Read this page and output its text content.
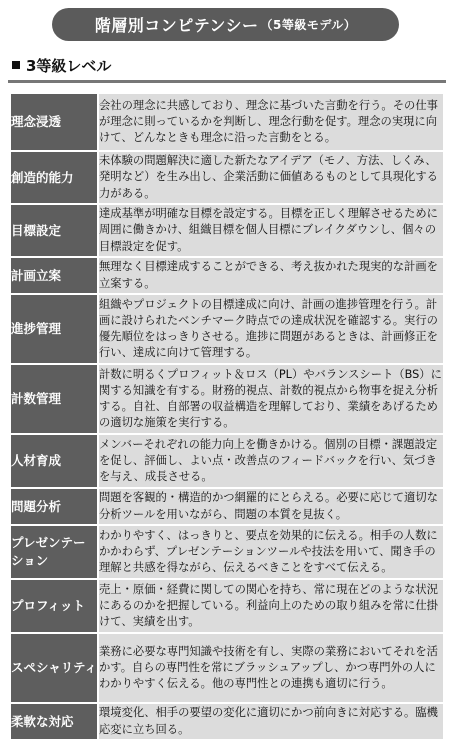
階層別コンピテンシー （5等級モデル）
3等級レベル
理念浸透	会社の理念に共感しており、理念に基づいた言動を行う。その仕事が理念に則っているかを判断し、理念行動を促す。理念の実現に向けて、どんなときも理念に沿った言動をとる。
創造的能力	未体験の問題解決に適した新たなアイデア（モノ、方法、しくみ、発明など）を生み出し、企業活動に価値あるものとして具現化する力がある。
目標設定	達成基準が明確な目標を設定する。目標を正しく理解させるために周囲に働きかけ、組織目標を個人目標にブレイクダウンし、個々の目標設定を促す。
計画立案	無理なく目標達成することができる、考え抜かれた現実的な計画を立案する。
進捗管理	組織やプロジェクトの目標達成に向け、計画の進捗管理を行う。計画に設けられたベンチマーク時点での達成状況を確認する。実行の優先順位をはっきりさせる。進捗に問題があるときは、計画修正を行い、達成に向けて管理する。
計数管理	計数に明るくプロフィット＆ロス（PL）やバランスシート（BS）に関する知識を有する。財務的視点、計数的視点から物事を捉え分析する。自社、自部署の収益構造を理解しており、業績をあげるための適切な施策を実行する。
人材育成	メンバーそれぞれの能力向上を働きかける。個別の目標・課題設定を促し、評価し、よい点・改善点のフィードバックを行い、気づきを与え、成長させる。
問題分析	問題を客観的・構造的かつ網羅的にとらえる。必要に応じて適切な分析ツールを用いながら、問題の本質を見抜く。
プレゼンテーション	わかりやすく、はっきりと、要点を効果的に伝える。相手の人数にかかわらず、プレゼンテーションツールや技法を用いて、聞き手の理解と共感を得ながら、伝えるべきことをすべて伝える。
プロフィット	売上・原価・経費に関しての関心を持ち、常に現在どのような状況にあるのかを把握している。利益向上のための取り組みを常に仕掛けて、実績を出す。
スペシャリティ	業務に必要な専門知識や技術を有し、実際の業務においてそれを活かす。自らの専門性を常にブラッシュアップし、かつ専門外の人にわかりやすく伝える。他の専門性との連携も適切に行う。
柔軟な対応	環境変化、相手の要望の変化に適切にかつ前向きに対応する。臨機応変に立ち回る。
